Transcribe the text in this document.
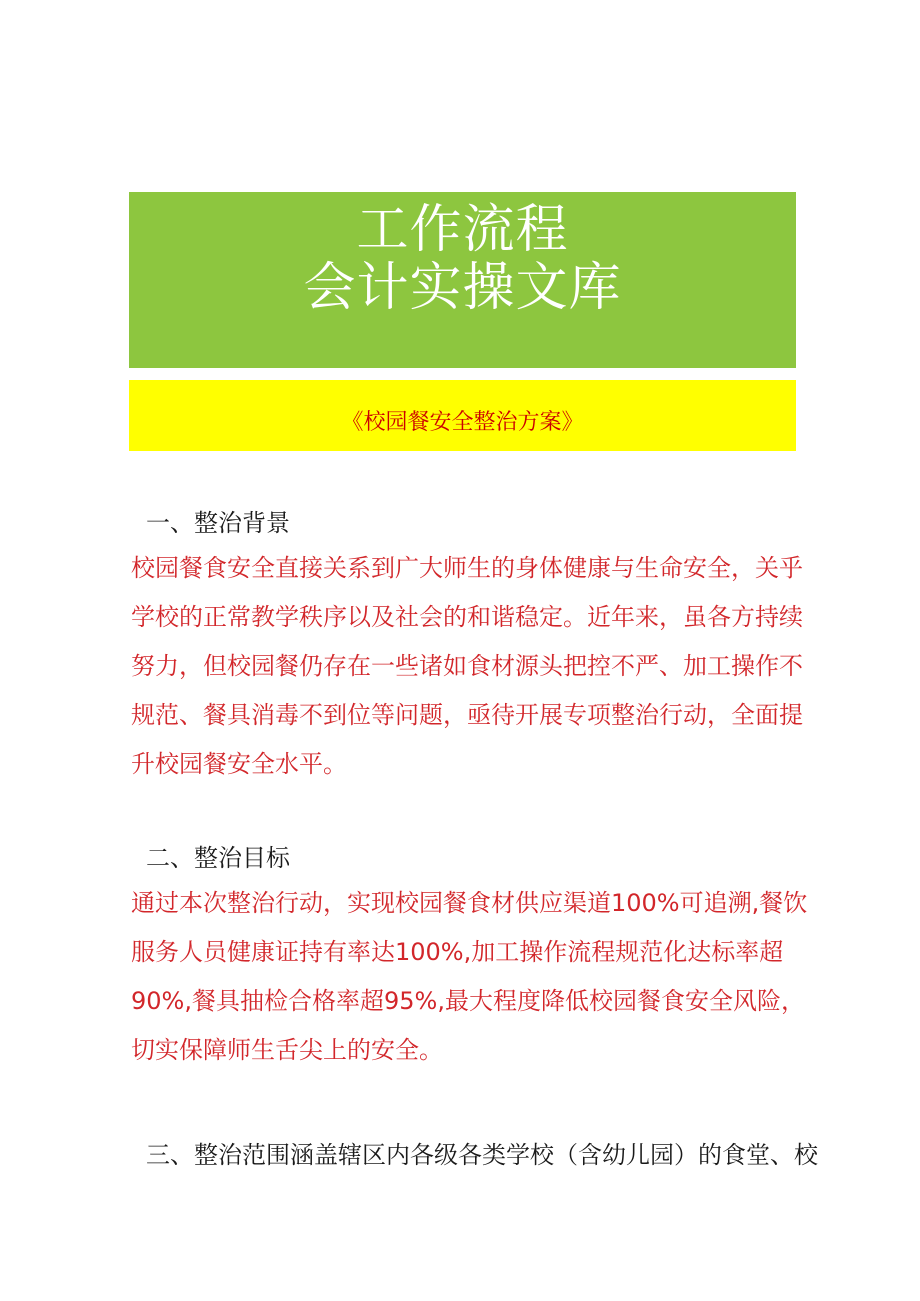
工作流程
会计实操文库
《校园餐安全整治方案》
一、整治背景

校园餐食安全直接关系到广大师生的身体健康与生命安全，关乎

学校的正常教学秩序以及社会的和谐稳定。近年来，虽各方持续

努力，但校园餐仍存在一些诸如食材源头把控不严、加工操作不

规范、餐具消毒不到位等问题，亟待开展专项整治行动，全面提

升校园餐安全水平。

二、整治目标

通过本次整治行动，实现校园餐食材供应渠道100%可追溯,餐饮

服务人员健康证持有率达100%,加工操作流程规范化达标率超

90%,餐具抽检合格率超95%,最大程度降低校园餐食安全风险，

切实保障师生舌尖上的安全。

三、整治范围涵盖辖区内各级各类学校（含幼儿园）的食堂、校
